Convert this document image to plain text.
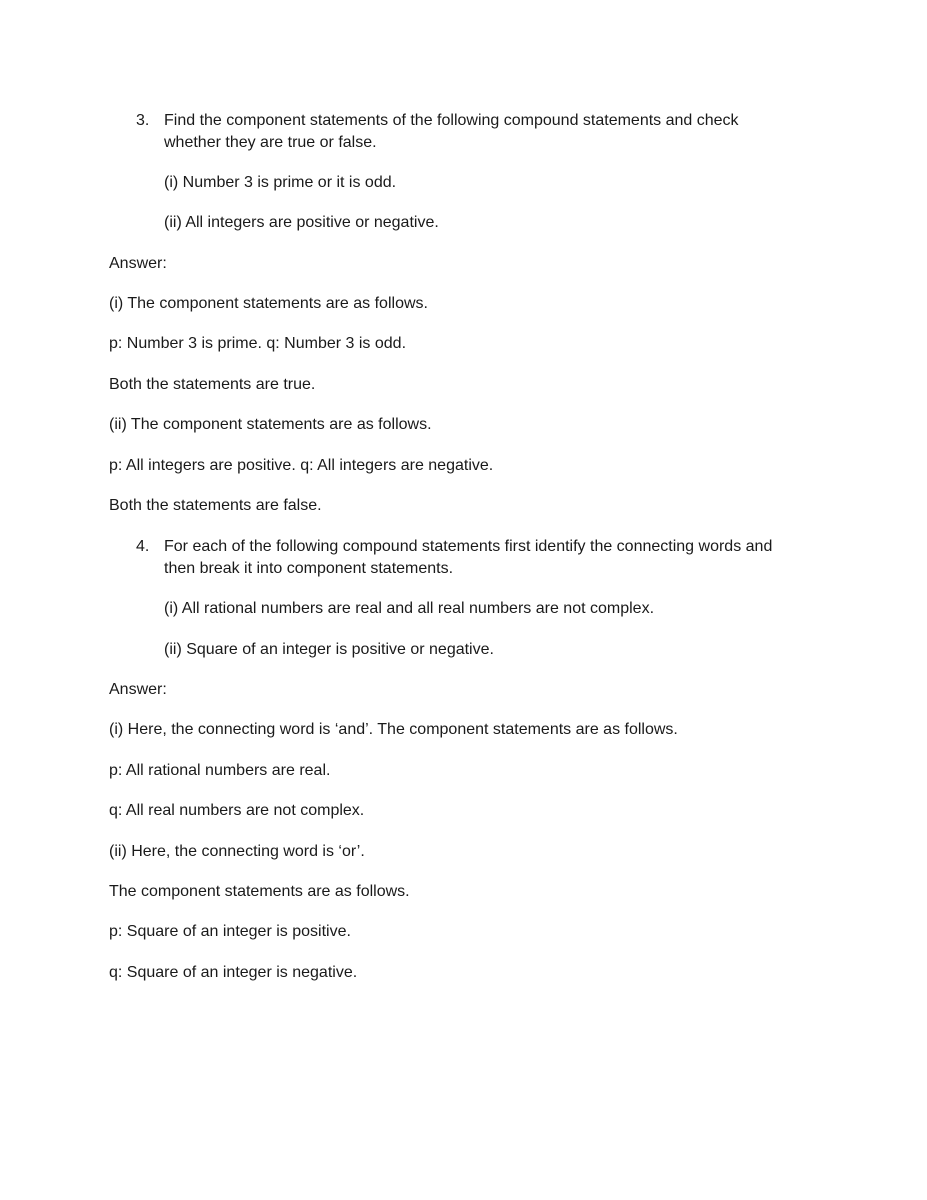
3. Find the component statements of the following compound statements and check
whether they are true or false.
(i) Number 3 is prime or it is odd.
(ii) All integers are positive or negative.
Answer:
(i) The component statements are as follows.
p: Number 3 is prime. q: Number 3 is odd.
Both the statements are true.
(ii) The component statements are as follows.
p: All integers are positive. q: All integers are negative.
Both the statements are false.
4. For each of the following compound statements first identify the connecting words and
then break it into component statements.
(i) All rational numbers are real and all real numbers are not complex.
(ii) Square of an integer is positive or negative.
Answer:
(i) Here, the connecting word is ‘and’. The component statements are as follows.
p: All rational numbers are real.
q: All real numbers are not complex.
(ii) Here, the connecting word is ‘or’.
The component statements are as follows.
p: Square of an integer is positive.
q: Square of an integer is negative.
